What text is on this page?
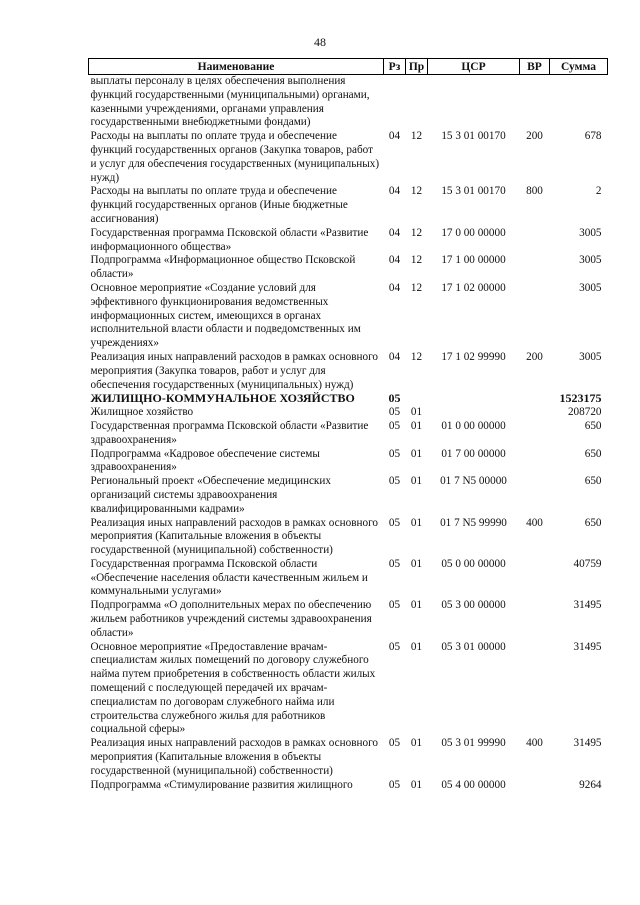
48
Наименование	Рз	Пр	ЦСР	ВР	Сумма
выплаты персоналу в целях обеспечения выполнения функций государственными (муниципальными) органами, казенными учреждениями, органами управления государственными внебюджетными фондами)					
Расходы на выплаты по оплате труда и обеспечение функций государственных органов (Закупка товаров, работ и услуг для обеспечения государственных (муниципальных) нужд)	04	12	15 3 01 00170	200	678
Расходы на выплаты по оплате труда и обеспечение функций государственных органов (Иные бюджетные ассигнования)	04	12	15 3 01 00170	800	2
Государственная программа Псковской области «Развитие информационного общества»	04	12	17 0 00 00000		3005
Подпрограмма «Информационное общество Псковской области»	04	12	17 1 00 00000		3005
Основное мероприятие «Создание условий для эффективного функционирования ведомственных информационных систем, имеющихся в органах исполнительной власти области и подведомственных им учреждениях»	04	12	17 1 02 00000		3005
Реализация иных направлений расходов в рамках основного мероприятия (Закупка товаров, работ и услуг для обеспечения государственных (муниципальных) нужд)	04	12	17 1 02 99990	200	3005
ЖИЛИЩНО-КОММУНАЛЬНОЕ ХОЗЯЙСТВО	05				1523175
Жилищное хозяйство	05	01			208720
Государственная программа Псковской области «Развитие здравоохранения»	05	01	01 0 00 00000		650
Подпрограмма «Кадровое обеспечение системы здравоохранения»	05	01	01 7 00 00000		650
Региональный проект «Обеспечение медицинских организаций системы здравоохранения квалифицированными кадрами»	05	01	01 7 N5 00000		650
Реализация иных направлений расходов в рамках основного мероприятия (Капитальные вложения в объекты государственной (муниципальной) собственности)	05	01	01 7 N5 99990	400	650
Государственная программа Псковской области «Обеспечение населения области качественным жильем и коммунальными услугами»	05	01	05 0 00 00000		40759
Подпрограмма «О дополнительных мерах по обеспечению жильем работников учреждений системы здравоохранения области»	05	01	05 3 00 00000		31495
Основное мероприятие «Предоставление врачам-специалистам жилых помещений по договору служебного найма путем приобретения в собственность области жилых помещений с последующей передачей их врачам-специалистам по договорам служебного найма или строительства служебного жилья для работников социальной сферы»	05	01	05 3 01 00000		31495
Реализация иных направлений расходов в рамках основного мероприятия (Капитальные вложения в объекты государственной (муниципальной) собственности)	05	01	05 3 01 99990	400	31495
Подпрограмма «Стимулирование развития жилищного	05	01	05 4 00 00000		9264
